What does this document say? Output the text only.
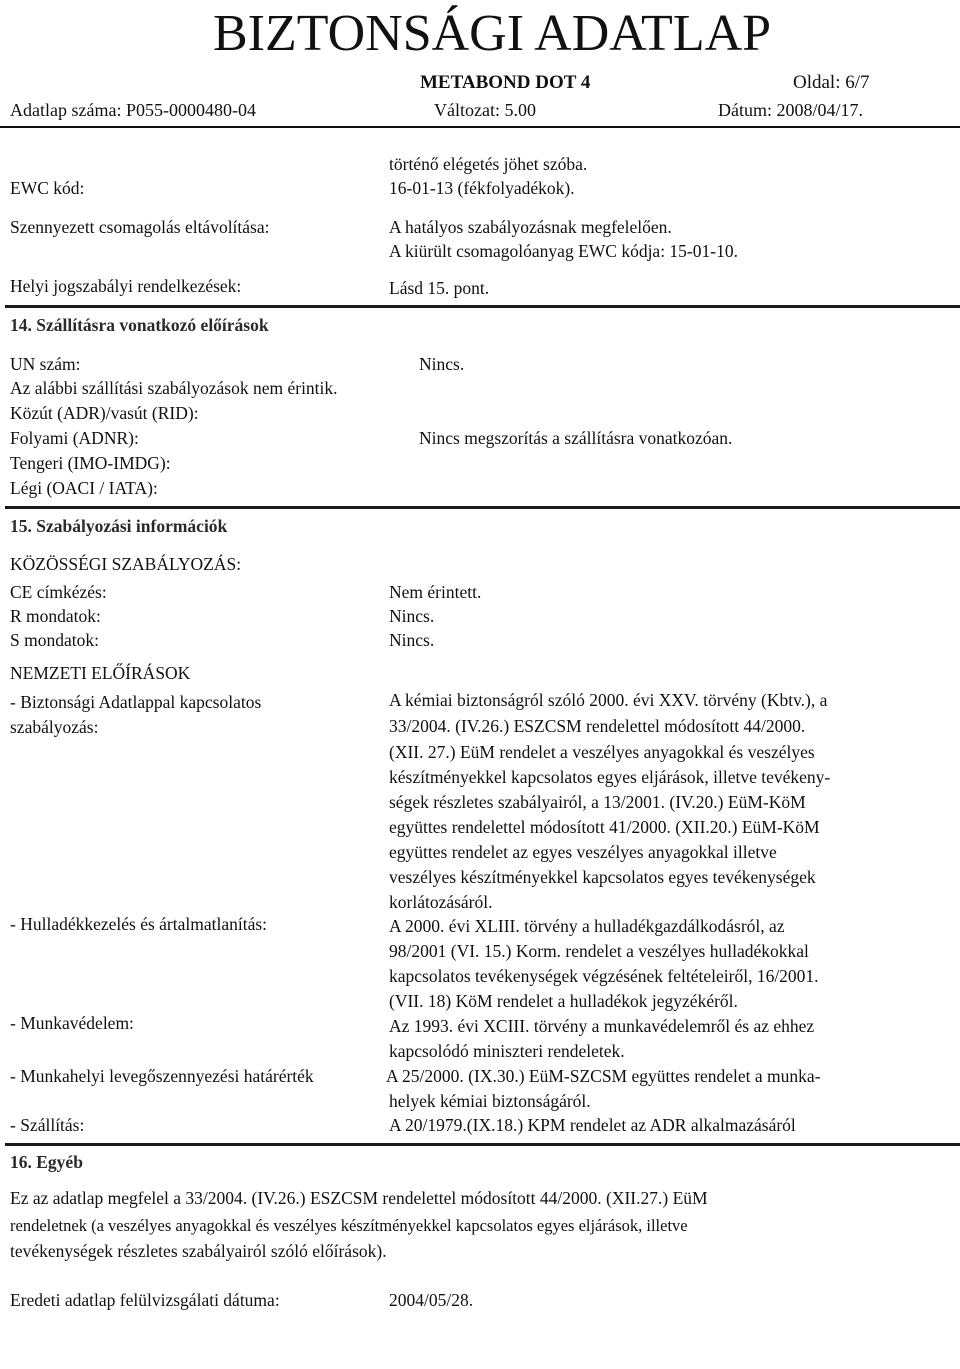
BIZTONSÁGI ADATLAP
METABOND DOT 4	Oldal: 6/7
Adatlap száma: P055-0000480-04	Változat: 5.00	Dátum: 2008/04/17.
történő elégetés jöhet szóba.
EWC kód:	16-01-13 (fékfolyadékok).
Szennyezett csomagolás eltávolítása:	A hatályos szabályozásnak megfelelően.
A kiürült csomagolóanyag EWC kódja: 15-01-10.
Helyi jogszabályi rendelkezések:	Lásd 15. pont.
14. Szállításra vonatkozó előírások
UN szám:	Nincs.
Az alábbi szállítási szabályozások nem érintik.
Közút (ADR)/vasút (RID):
Folyami (ADNR):	Nincs megszorítás a szállításra vonatkozóan.
Tengeri (IMO-IMDG):
Légi (OACI / IATA):
15. Szabályozási információk
KÖZÖSSÉGI SZABÁLYOZÁS:
CE címkézés:	Nem érintett.
R mondatok:	Nincs.
S mondatok:	Nincs.
NEMZETI ELŐÍRÁSOK
- Biztonsági Adatlappal kapcsolatos
szabályozás:
A kémiai biztonságról szóló 2000. évi XXV. törvény (Kbtv.), a
33/2004. (IV.26.) ESZCSM rendelettel módosított 44/2000.
(XII. 27.) EüM rendelet a veszélyes anyagokkal és veszélyes
készítményekkel kapcsolatos egyes eljárások, illetve tevékeny-
ségek részletes szabályairól, a 13/2001. (IV.20.) EüM-KöM
együttes rendelettel módosított 41/2000. (XII.20.) EüM-KöM
együttes rendelet az egyes veszélyes anyagokkal illetve
veszélyes készítményekkel kapcsolatos egyes tevékenységek
korlátozásáról.
- Hulladékkezelés és ártalmatlanítás:	A 2000. évi XLIII. törvény a hulladékgazdálkodásról, az
98/2001 (VI. 15.) Korm. rendelet a veszélyes hulladékokkal
kapcsolatos tevékenységek végzésének feltételeiről, 16/2001.
(VII. 18) KöM rendelet a hulladékok jegyzékéről.
- Munkavédelem:	Az 1993. évi XCIII. törvény a munkavédelemről és az ehhez
kapcsolódó miniszteri rendeletek.
- Munkahelyi levegőszennyezési határérték	A 25/2000. (IX.30.) EüM-SZCSM együttes rendelet a munka-
helyek kémiai biztonságáról.
- Szállítás:	A 20/1979.(IX.18.) KPM rendelet az ADR alkalmazásáról
16. Egyéb
Ez az adatlap megfelel a 33/2004. (IV.26.) ESZCSM rendelettel módosított 44/2000. (XII.27.) EüM
rendeletnek (a veszélyes anyagokkal és veszélyes készítményekkel kapcsolatos egyes eljárások, illetve
tevékenységek részletes szabályairól szóló előírások).
Eredeti adatlap felülvizsgálati dátuma:	2004/05/28.
